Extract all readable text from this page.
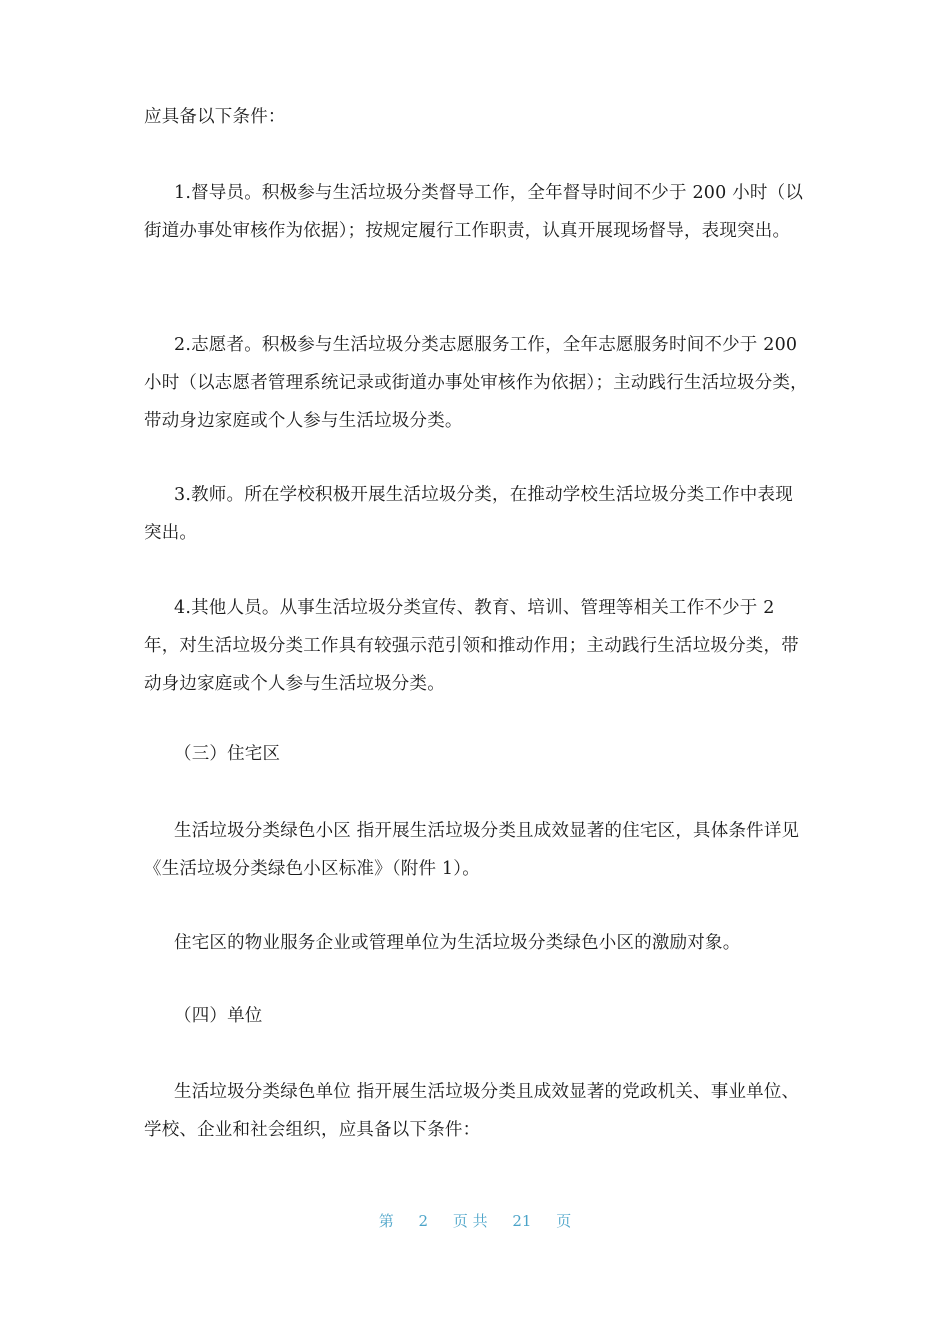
应具备以下条件：

1.督导员。积极参与生活垃圾分类督导工作，全年督导时间不少于 200 小时（以街道办事处审核作为依据）；按规定履行工作职责，认真开展现场督导，表现突出。

2.志愿者。积极参与生活垃圾分类志愿服务工作，全年志愿服务时间不少于 200 小时（以志愿者管理系统记录或街道办事处审核作为依据）；主动践行生活垃圾分类，带动身边家庭或个人参与生活垃圾分类。

3.教师。所在学校积极开展生活垃圾分类，在推动学校生活垃圾分类工作中表现突出。

4.其他人员。从事生活垃圾分类宣传、教育、培训、管理等相关工作不少于 2 年，对生活垃圾分类工作具有较强示范引领和推动作用；主动践行生活垃圾分类，带动身边家庭或个人参与生活垃圾分类。

（三）住宅区

生活垃圾分类绿色小区 指开展生活垃圾分类且成效显著的住宅区，具体条件详见《生活垃圾分类绿色小区标准》（附件 1）。

住宅区的物业服务企业或管理单位为生活垃圾分类绿色小区的激励对象。

（四）单位

生活垃圾分类绿色单位 指开展生活垃圾分类且成效显著的党政机关、事业单位、学校、企业和社会组织，应具备以下条件：

第 2 页 共 21 页
